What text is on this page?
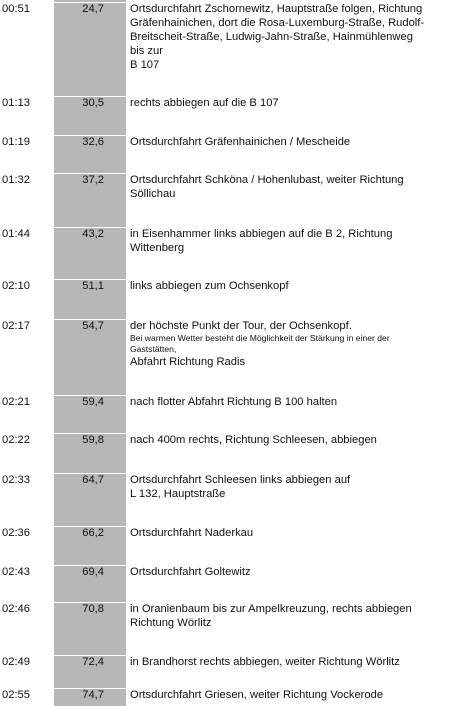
00:51	24,7 Ortsdurchfahrt Zschornewitz, Hauptstraße folgen, Richtung
Gräfenhainichen, dort die Rosa-Luxemburg-Straße, Rudolf-
Breitscheit-Straße, Ludwig-Jahn-Straße, Hainmühlenweg
bis zur
B 107
01:13	30,5 rechts abbiegen auf die B 107
01:19	32,6 Ortsdurchfahrt Gräfenhainichen / Mescheide
01:32	37,2 Ortsdurchfahrt Schköna / Hohenlubast, weiter Richtung
Söllichau
01:44	43,2 in Eisenhammer links abbiegen auf die B 2, Richtung
Wittenberg
02:10	51,1 links abbiegen zum Ochsenkopf
02:17	54,7 der höchste Punkt der Tour, der Ochsenkopf.
Bei warmen Wetter besteht die Möglichkeit der Stärkung in einer der
Gaststätten,
Abfahrt Richtung Radis
02:21	59,4 nach flotter Abfahrt Richtung B 100 halten
02:22	59,8 nach 400m rechts, Richtung Schleesen, abbiegen
02:33	64,7 Ortsdurchfahrt Schleesen links abbiegen auf
L 132, Hauptstraße
02:36	66,2 Ortsdurchfahrt Naderkau
02:43	69,4 Ortsdurchfahrt Goltewitz
02:46	70,8 in Oranienbaum bis zur Ampelkreuzung, rechts abbiegen
Richtung Wörlitz
02:49	72,4 in Brandhorst rechts abbiegen, weiter Richtung Wörlitz
02:55	74,7 Ortsdurchfahrt Griesen, weiter Richtung Vockerode
